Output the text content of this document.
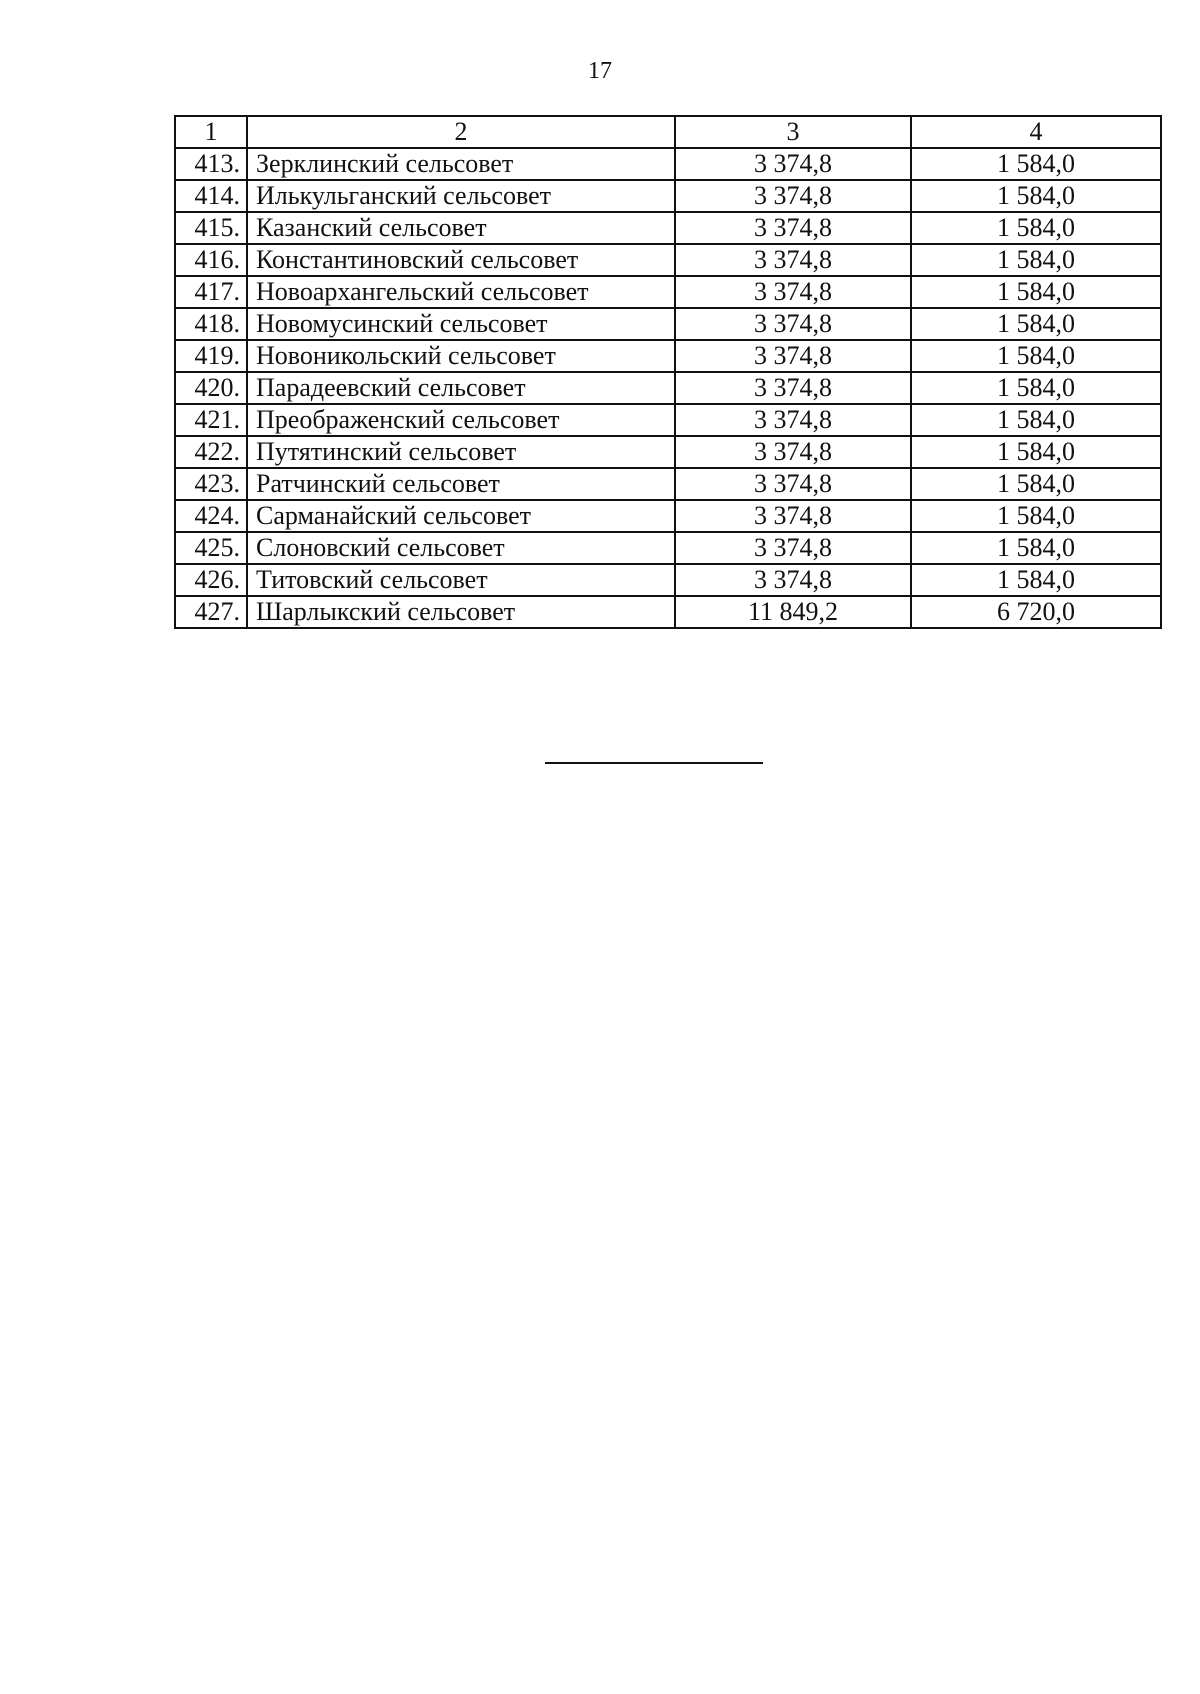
17
1	2	3	4
413.	Зерклинский сельсовет	3 374,8	1 584,0
414.	Илькульганский сельсовет	3 374,8	1 584,0
415.	Казанский сельсовет	3 374,8	1 584,0
416.	Константиновский сельсовет	3 374,8	1 584,0
417.	Новоархангельский сельсовет	3 374,8	1 584,0
418.	Новомусинский сельсовет	3 374,8	1 584,0
419.	Новоникольский сельсовет	3 374,8	1 584,0
420.	Парадеевский сельсовет	3 374,8	1 584,0
421.	Преображенский сельсовет	3 374,8	1 584,0
422.	Путятинский сельсовет	3 374,8	1 584,0
423.	Ратчинский сельсовет	3 374,8	1 584,0
424.	Сарманайский сельсовет	3 374,8	1 584,0
425.	Слоновский сельсовет	3 374,8	1 584,0
426.	Титовский сельсовет	3 374,8	1 584,0
427.	Шарлыкский сельсовет	11 849,2	6 720,0
